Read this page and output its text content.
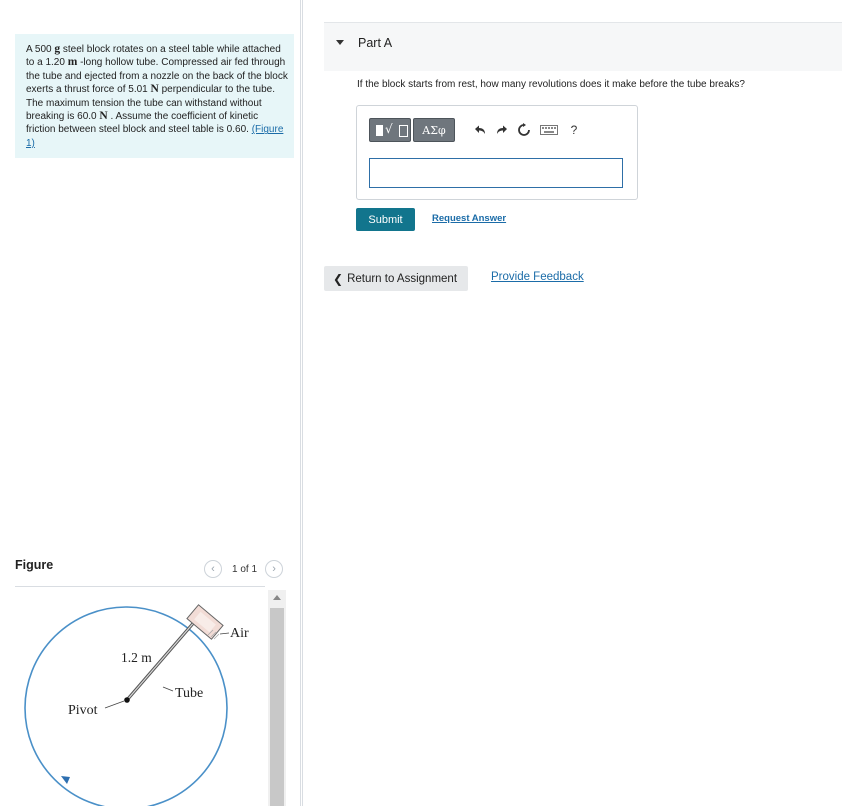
A 500 g steel block rotates on a steel table while attached to a 1.20 m -long hollow tube. Compressed air fed through the tube and ejected from a nozzle on the back of the block exerts a thrust force of 5.01 N perpendicular to the tube. The maximum tension the tube can withstand without breaking is 60.0 N . Assume the coefficient of kinetic friction between steel block and steel table is 0.60. (Figure 1)
Figure	‹ 1 of 1 ›
Air
1.2 m
Tube
Pivot
Part A
If the block starts from rest, how many revolutions does it make before the tube breaks?
√	ΑΣφ	?
Submit	Request Answer
❮ Return to Assignment	Provide Feedback
